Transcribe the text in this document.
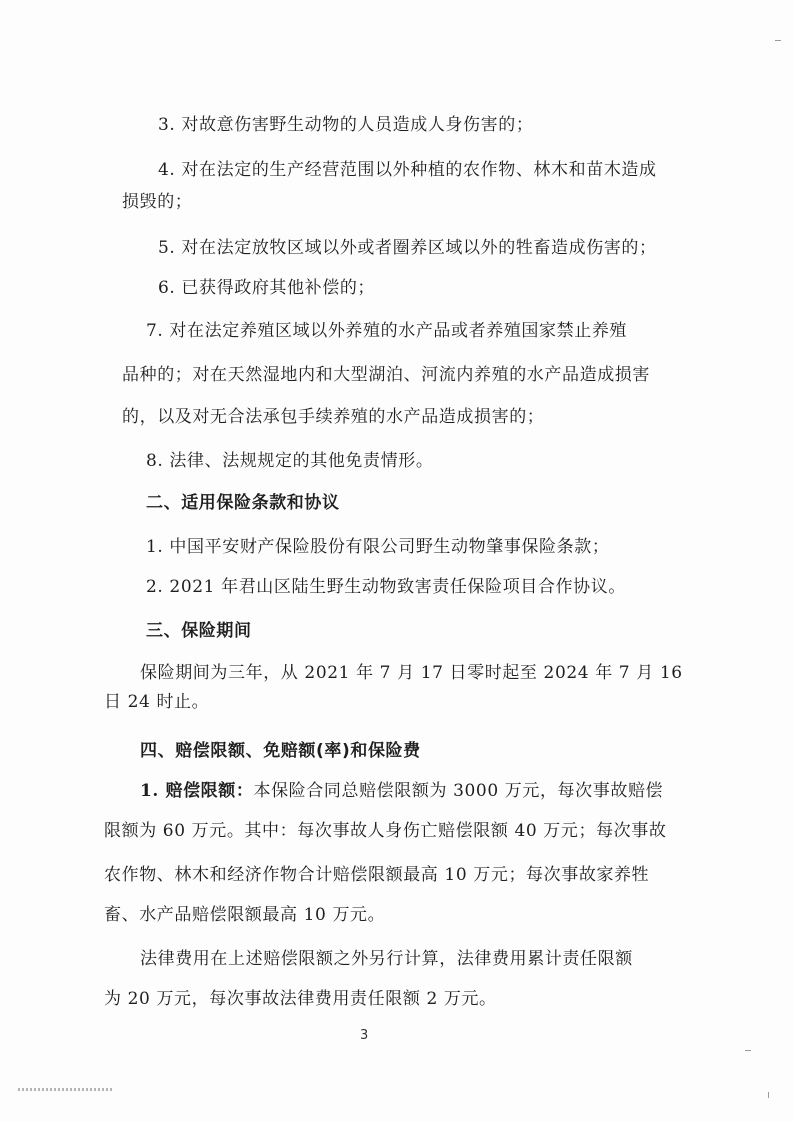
3. 对故意伤害野生动物的人员造成人身伤害的；
4. 对在法定的生产经营范围以外种植的农作物、林木和苗木造成
损毁的；
5. 对在法定放牧区域以外或者圈养区域以外的牲畜造成伤害的；
6. 已获得政府其他补偿的；
7. 对在法定养殖区域以外养殖的水产品或者养殖国家禁止养殖
品种的；对在天然湿地内和大型湖泊、河流内养殖的水产品造成损害
的，以及对无合法承包手续养殖的水产品造成损害的；
8. 法律、法规规定的其他免责情形。
二、适用保险条款和协议
1. 中国平安财产保险股份有限公司野生动物肇事保险条款；
2. 2021 年君山区陆生野生动物致害责任保险项目合作协议。
三、保险期间
保险期间为三年，从 2021 年 7 月 17 日零时起至 2024 年 7 月 16
日 24 时止。
四、赔偿限额、免赔额(率)和保险费
1. 赔偿限额：本保险合同总赔偿限额为 3000 万元，每次事故赔偿
限额为 60 万元。其中：每次事故人身伤亡赔偿限额 40 万元；每次事故
农作物、林木和经济作物合计赔偿限额最高 10 万元；每次事故家养牲
畜、水产品赔偿限额最高 10 万元。
法律费用在上述赔偿限额之外另行计算，法律费用累计责任限额
为 20 万元，每次事故法律费用责任限额 2 万元。
3
